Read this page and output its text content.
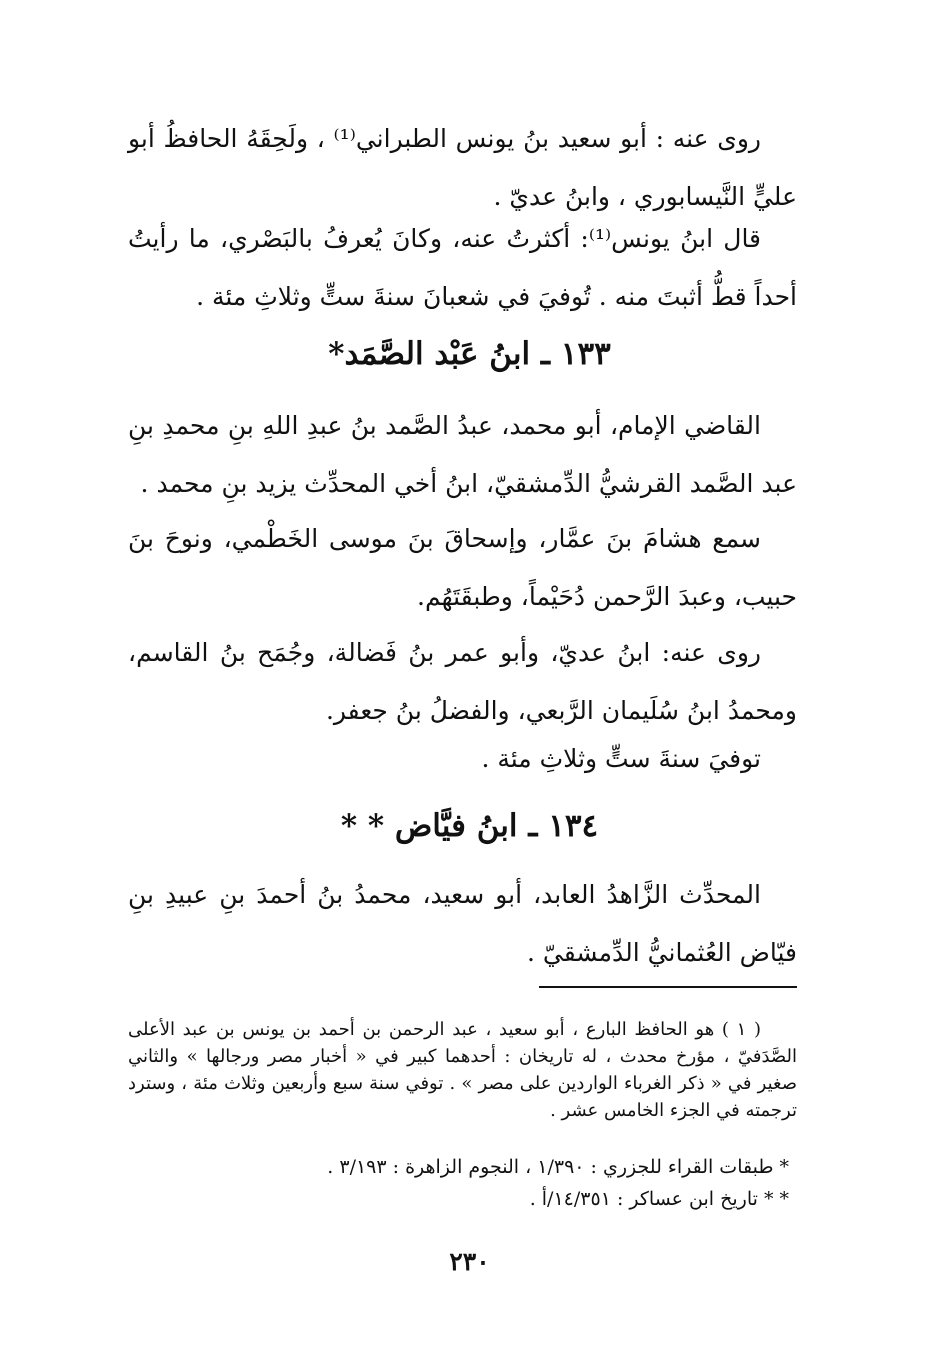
روى عنه : أبو سعيد بنُ يونس الطبراني⁽¹⁾ ، ولَحِقَهُ الحافظُ أبو عليٍّ النَّيسابوري ، وابنُ عديّ .

قال ابنُ يونس⁽¹⁾: أكثرتُ عنه، وكانَ يُعرفُ بالبَصْري، ما رأيتُ أحداً قطُّ أثبتَ منه . تُوفيَ في شعبانَ سنةَ ستٍّ وثلاثِ مئة .

١٣٣ ـ ابنُ عَبْد الصَّمَد*

القاضي الإمام، أبو محمد، عبدُ الصَّمد بنُ عبدِ اللهِ بنِ محمدِ بنِ عبد الصَّمد القرشيُّ الدِّمشقيّ، ابنُ أخي المحدِّث يزيد بنِ محمد .

سمع هشامَ بنَ عمَّار، وإسحاقَ بنَ موسى الخَطْمي، ونوحَ بنَ حبيب، وعبدَ الرَّحمن دُحَيْماً، وطبقَتَهُم.

روى عنه: ابنُ عديّ، وأبو عمر بنُ فَضالة، وجُمَح بنُ القاسم، ومحمدُ ابنُ سُلَيمان الرَّبعي، والفضلُ بنُ جعفر.

توفيَ سنةَ ستٍّ وثلاثِ مئة .

١٣٤ ـ ابنُ فيَّاض * *

المحدِّث الزَّاهدُ العابد، أبو سعيد، محمدُ بنُ أحمدَ بنِ عبيدِ بنِ فيّاض العُثمانيُّ الدِّمشقيّ .

( ١ ) هو الحافظ البارع ، أبو سعيد ، عبد الرحمن بن أحمد بن يونس بن عبد الأعلى الصَّدَفيّ ، مؤرخ محدث ، له تاريخان : أحدهما كبير في « أخبار مصر ورجالها » والثاني صغير في « ذكر الغرباء الواردين على مصر » . توفي سنة سبع وأربعين وثلاث مئة ، وسترد ترجمته في الجزء الخامس عشر .

* طبقات القراء للجزري : ١/٣٩٠ ، النجوم الزاهرة : ٣/١٩٣ .

* * تاريخ ابن عساكر : ١٤/٣٥١/أ .

٢٣٠
